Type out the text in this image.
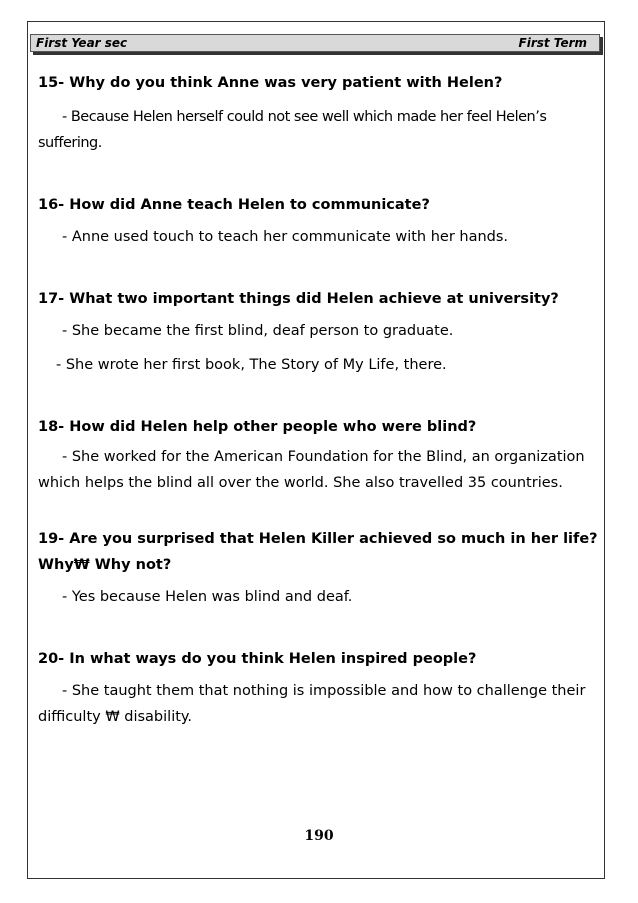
First Year sec	First Term

15- Why do you think Anne was very patient with Helen?

- Because Helen herself could not see well which made her feel Helen’s suffering.

16- How did Anne teach Helen to communicate?

- Anne used touch to teach her communicate with her hands.

17- What two important things did Helen achieve at university?

- She became the first blind, deaf person to graduate.

- She wrote her first book, The Story of My Life, there.

18- How did Helen help other people who were blind?

- She worked for the American Foundation for the Blind, an organization which helps the blind all over the world. She also travelled 35 countries.

19- Are you surprised that Helen Killer achieved so much in her life? Why₩ Why not?

- Yes because Helen was blind and deaf.

20- In what ways do you think Helen inspired people?

- She taught them that nothing is impossible and how to challenge their difficulty ₩ disability.

190
